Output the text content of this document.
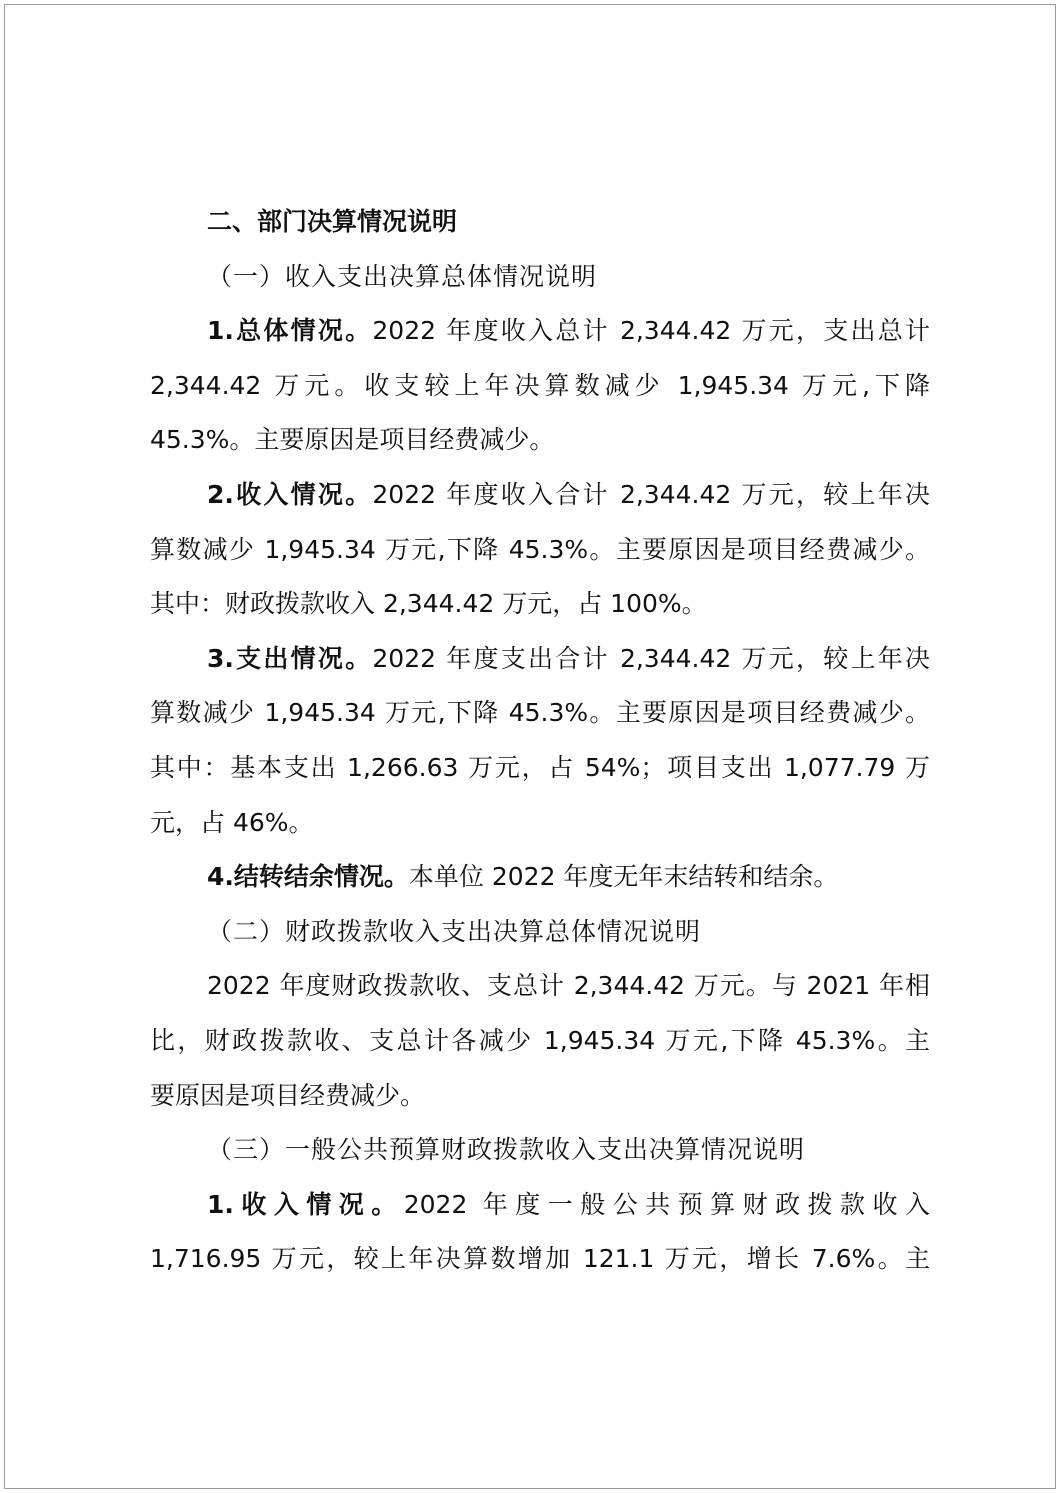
二、部门决算情况说明

（一）收入支出决算总体情况说明

1.总体情况。2022 年度收入总计 2,344.42 万元，支出总计
2,344.42 万元。收支较上年决算数减少 1,945.34 万元,下降
45.3%。主要原因是项目经费减少。
2.收入情况。2022 年度收入合计 2,344.42 万元，较上年决
算数减少 1,945.34 万元,下降 45.3%。主要原因是项目经费减少。
其中：财政拨款收入 2,344.42 万元，占 100%。
3.支出情况。2022 年度支出合计 2,344.42 万元，较上年决
算数减少 1,945.34 万元,下降 45.3%。主要原因是项目经费减少。
其中：基本支出 1,266.63 万元，占 54%；项目支出 1,077.79 万
元，占 46%。
4.结转结余情况。本单位 2022 年度无年末结转和结余。

（二）财政拨款收入支出决算总体情况说明

2022 年度财政拨款收、支总计 2,344.42 万元。与 2021 年相
比，财政拨款收、支总计各减少 1,945.34 万元,下降 45.3%。主
要原因是项目经费减少。

（三）一般公共预算财政拨款收入支出决算情况说明

1.收入情况。2022 年度一般公共预算财政拨款收入
1,716.95 万元，较上年决算数增加 121.1 万元，增长 7.6%。主
